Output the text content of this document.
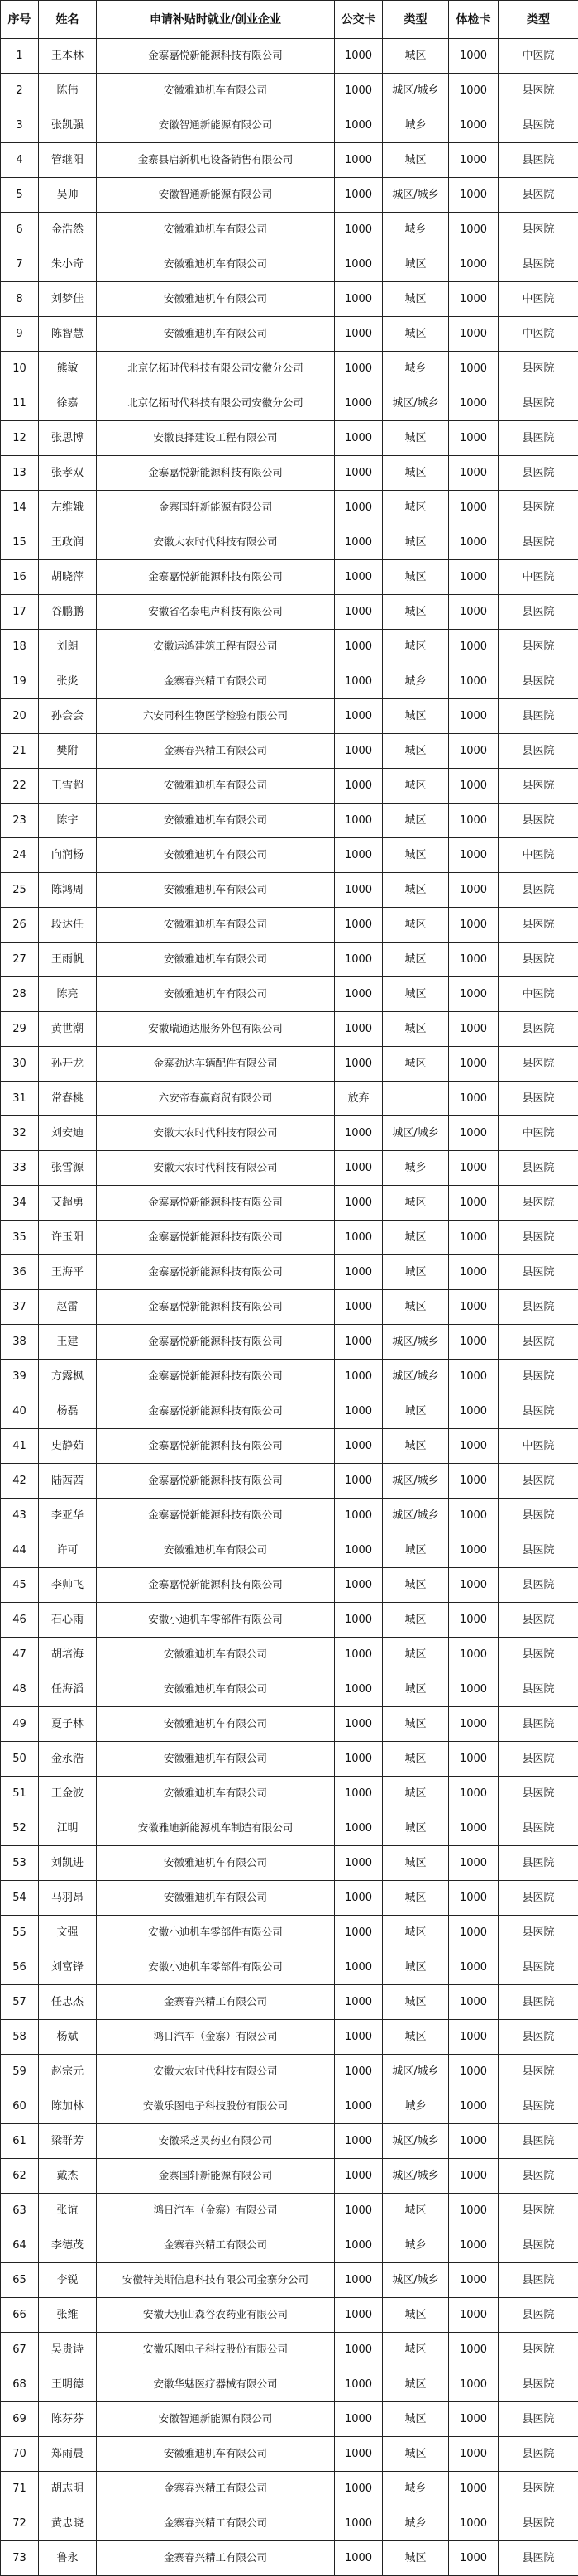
序号	姓名	申请补贴时就业/创业企业	公交卡	类型	体检卡	类型
1	王本林	金寨嘉悦新能源科技有限公司	1000	城区	1000	中医院
2	陈伟	安徽雅迪机车有限公司	1000	城区/城乡	1000	县医院
3	张凯强	安徽智通新能源有限公司	1000	城乡	1000	县医院
4	管继阳	金寨县启新机电设备销售有限公司	1000	城区	1000	县医院
5	吴帅	安徽智通新能源有限公司	1000	城区/城乡	1000	县医院
6	金浩然	安徽雅迪机车有限公司	1000	城乡	1000	县医院
7	朱小奇	安徽雅迪机车有限公司	1000	城区	1000	县医院
8	刘梦佳	安徽雅迪机车有限公司	1000	城区	1000	中医院
9	陈智慧	安徽雅迪机车有限公司	1000	城区	1000	中医院
10	熊敏	北京亿拓时代科技有限公司安徽分公司	1000	城乡	1000	县医院
11	徐嘉	北京亿拓时代科技有限公司安徽分公司	1000	城区/城乡	1000	县医院
12	张思博	安徽良择建设工程有限公司	1000	城区	1000	县医院
13	张孝双	金寨嘉悦新能源科技有限公司	1000	城区	1000	县医院
14	左维娥	金寨国轩新能源有限公司	1000	城区	1000	县医院
15	王政润	安徽大农时代科技有限公司	1000	城区	1000	县医院
16	胡晓萍	金寨嘉悦新能源科技有限公司	1000	城区	1000	中医院
17	谷鹏鹏	安徽省名泰电声科技有限公司	1000	城区	1000	县医院
18	刘朗	安徽运鸿建筑工程有限公司	1000	城区	1000	县医院
19	张炎	金寨春兴精工有限公司	1000	城乡	1000	县医院
20	孙会会	六安同科生物医学检验有限公司	1000	城区	1000	县医院
21	樊附	金寨春兴精工有限公司	1000	城区	1000	县医院
22	王雪超	安徽雅迪机车有限公司	1000	城区	1000	县医院
23	陈宇	安徽雅迪机车有限公司	1000	城区	1000	县医院
24	向润杨	安徽雅迪机车有限公司	1000	城区	1000	中医院
25	陈鸿周	安徽雅迪机车有限公司	1000	城区	1000	县医院
26	段达任	安徽雅迪机车有限公司	1000	城区	1000	县医院
27	王雨帆	安徽雅迪机车有限公司	1000	城区	1000	县医院
28	陈亮	安徽雅迪机车有限公司	1000	城区	1000	中医院
29	黄世潮	安徽瑞通达服务外包有限公司	1000	城区	1000	县医院
30	孙开龙	金寨劲达车辆配件有限公司	1000	城区	1000	县医院
31	常春桃	六安帝春赢商贸有限公司	放弃		1000	县医院
32	刘安迪	安徽大农时代科技有限公司	1000	城区/城乡	1000	中医院
33	张雪源	安徽大农时代科技有限公司	1000	城乡	1000	县医院
34	艾超勇	金寨嘉悦新能源科技有限公司	1000	城区	1000	县医院
35	许玉阳	金寨嘉悦新能源科技有限公司	1000	城区	1000	县医院
36	王海平	金寨嘉悦新能源科技有限公司	1000	城区	1000	县医院
37	赵雷	金寨嘉悦新能源科技有限公司	1000	城区	1000	县医院
38	王建	金寨嘉悦新能源科技有限公司	1000	城区/城乡	1000	县医院
39	方露枫	金寨嘉悦新能源科技有限公司	1000	城区/城乡	1000	县医院
40	杨磊	金寨嘉悦新能源科技有限公司	1000	城区	1000	县医院
41	史静茹	金寨嘉悦新能源科技有限公司	1000	城区	1000	中医院
42	陆茜茜	金寨嘉悦新能源科技有限公司	1000	城区/城乡	1000	县医院
43	李亚华	金寨嘉悦新能源科技有限公司	1000	城区/城乡	1000	县医院
44	许可	安徽雅迪机车有限公司	1000	城区	1000	县医院
45	李帅飞	金寨嘉悦新能源科技有限公司	1000	城区	1000	县医院
46	石心雨	安徽小迪机车零部件有限公司	1000	城区	1000	县医院
47	胡培海	安徽雅迪机车有限公司	1000	城区	1000	县医院
48	任海滔	安徽雅迪机车有限公司	1000	城区	1000	县医院
49	夏子林	安徽雅迪机车有限公司	1000	城区	1000	县医院
50	金永浩	安徽雅迪机车有限公司	1000	城区	1000	县医院
51	王金波	安徽雅迪机车有限公司	1000	城区	1000	县医院
52	江明	安徽雅迪新能源机车制造有限公司	1000	城区	1000	县医院
53	刘凯进	安徽雅迪机车有限公司	1000	城区	1000	县医院
54	马羽昂	安徽雅迪机车有限公司	1000	城区	1000	县医院
55	文强	安徽小迪机车零部件有限公司	1000	城区	1000	县医院
56	刘富锋	安徽小迪机车零部件有限公司	1000	城区	1000	县医院
57	任忠杰	金寨春兴精工有限公司	1000	城区	1000	县医院
58	杨斌	鸿日汽车（金寨）有限公司	1000	城区	1000	县医院
59	赵宗元	安徽大农时代科技有限公司	1000	城区/城乡	1000	县医院
60	陈加林	安徽乐图电子科技股份有限公司	1000	城乡	1000	县医院
61	梁群芳	安徽采芝灵药业有限公司	1000	城区/城乡	1000	县医院
62	戴杰	金寨国轩新能源有限公司	1000	城区/城乡	1000	县医院
63	张谊	鸿日汽车（金寨）有限公司	1000	城区	1000	县医院
64	李德茂	金寨春兴精工有限公司	1000	城乡	1000	县医院
65	李锐	安徽特美斯信息科技有限公司金寨分公司	1000	城区/城乡	1000	县医院
66	张维	安徽大别山森谷农药业有限公司	1000	城区	1000	县医院
67	吴贵诗	安徽乐图电子科技股份有限公司	1000	城区	1000	县医院
68	王明德	安徽华魅医疗器械有限公司	1000	城区	1000	县医院
69	陈芬芬	安徽智通新能源有限公司	1000	城区	1000	县医院
70	郑雨晨	安徽雅迪机车有限公司	1000	城区	1000	县医院
71	胡志明	金寨春兴精工有限公司	1000	城乡	1000	县医院
72	黄忠晓	金寨春兴精工有限公司	1000	城乡	1000	县医院
73	鲁永	金寨春兴精工有限公司	1000	城区	1000	县医院
